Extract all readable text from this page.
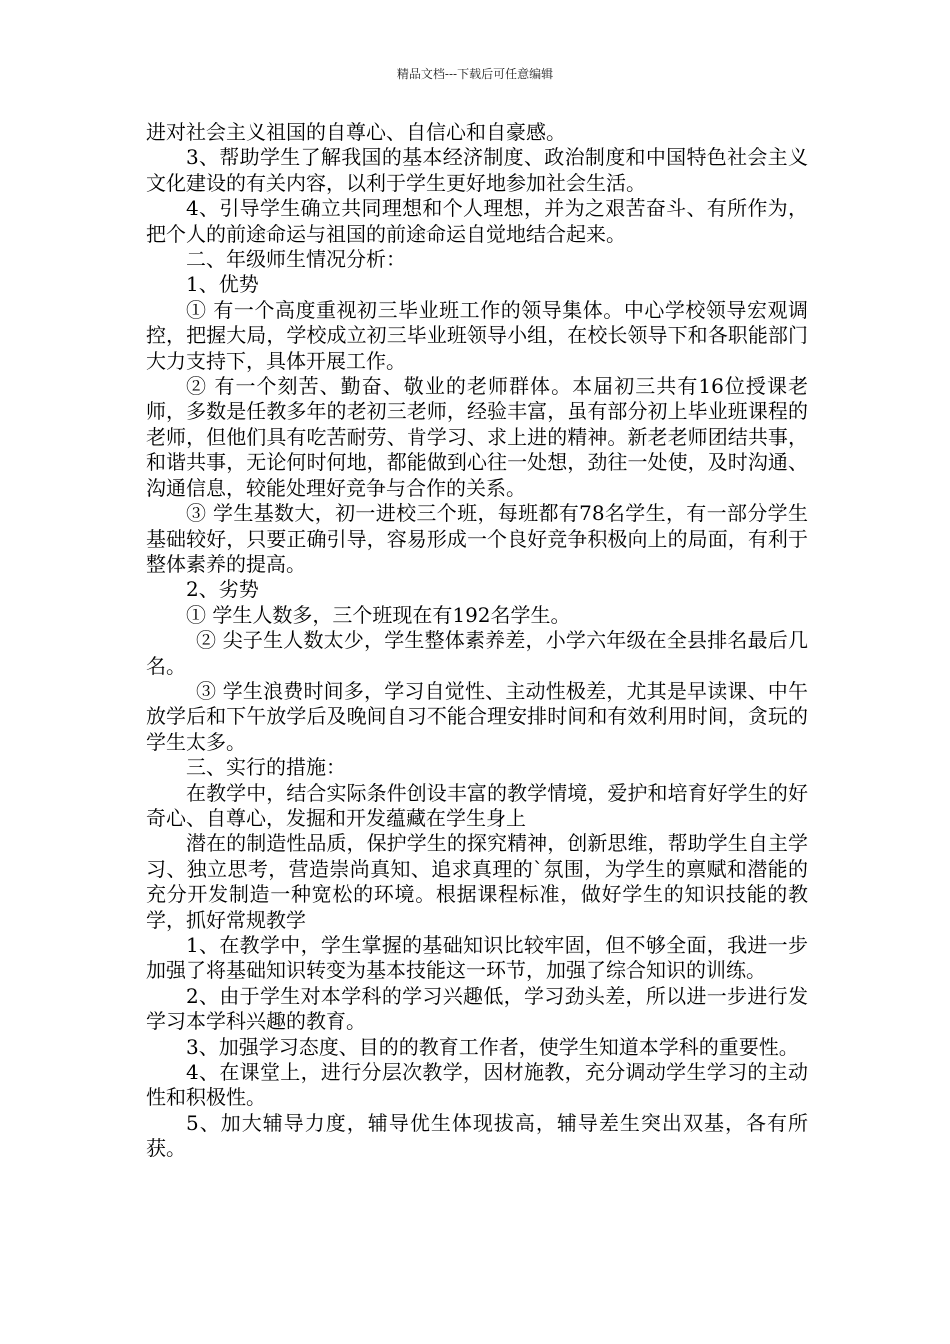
精品文档---下载后可任意编辑

进对社会主义祖国的自尊心、自信心和自豪感。

3、帮助学生了解我国的基本经济制度、政治制度和中国特色社会主义文化建设的有关内容，以利于学生更好地参加社会生活。

4、引导学生确立共同理想和个人理想，并为之艰苦奋斗、有所作为，把个人的前途命运与祖国的前途命运自觉地结合起来。

二、年级师生情况分析：

1、优势

① 有一个高度重视初三毕业班工作的领导集体。中心学校领导宏观调控，把握大局，学校成立初三毕业班领导小组，在校长领导下和各职能部门大力支持下，具体开展工作。

② 有一个刻苦、勤奋、敬业的老师群体。本届初三共有16位授课老师，多数是任教多年的老初三老师，经验丰富，虽有部分初上毕业班课程的老师，但他们具有吃苦耐劳、肯学习、求上进的精神。新老老师团结共事，和谐共事，无论何时何地，都能做到心往一处想，劲往一处使，及时沟通、沟通信息，较能处理好竞争与合作的关系。

③ 学生基数大，初一进校三个班，每班都有78名学生，有一部分学生基础较好，只要正确引导，容易形成一个良好竞争积极向上的局面，有利于整体素养的提高。

2、劣势

① 学生人数多，三个班现在有192名学生。

② 尖子生人数太少，学生整体素养差，小学六年级在全县排名最后几名。

③ 学生浪费时间多，学习自觉性、主动性极差，尤其是早读课、中午放学后和下午放学后及晚间自习不能合理安排时间和有效利用时间，贪玩的学生太多。

三、实行的措施：

在教学中，结合实际条件创设丰富的教学情境，爱护和培育好学生的好奇心、自尊心，发掘和开发蕴藏在学生身上

潜在的制造性品质，保护学生的探究精神，创新思维，帮助学生自主学习、独立思考，营造崇尚真知、追求真理的`氛围，为学生的禀赋和潜能的充分开发制造一种宽松的环境。根据课程标准，做好学生的知识技能的教学，抓好常规教学

1、在教学中，学生掌握的基础知识比较牢固，但不够全面，我进一步加强了将基础知识转变为基本技能这一环节，加强了综合知识的训练。

2、由于学生对本学科的学习兴趣低，学习劲头差，所以进一步进行发学习本学科兴趣的教育。

3、加强学习态度、目的的教育工作者，使学生知道本学科的重要性。

4、在课堂上，进行分层次教学，因材施教，充分调动学生学习的主动性和积极性。

5、加大辅导力度，辅导优生体现拔高，辅导差生突出双基，各有所获。
